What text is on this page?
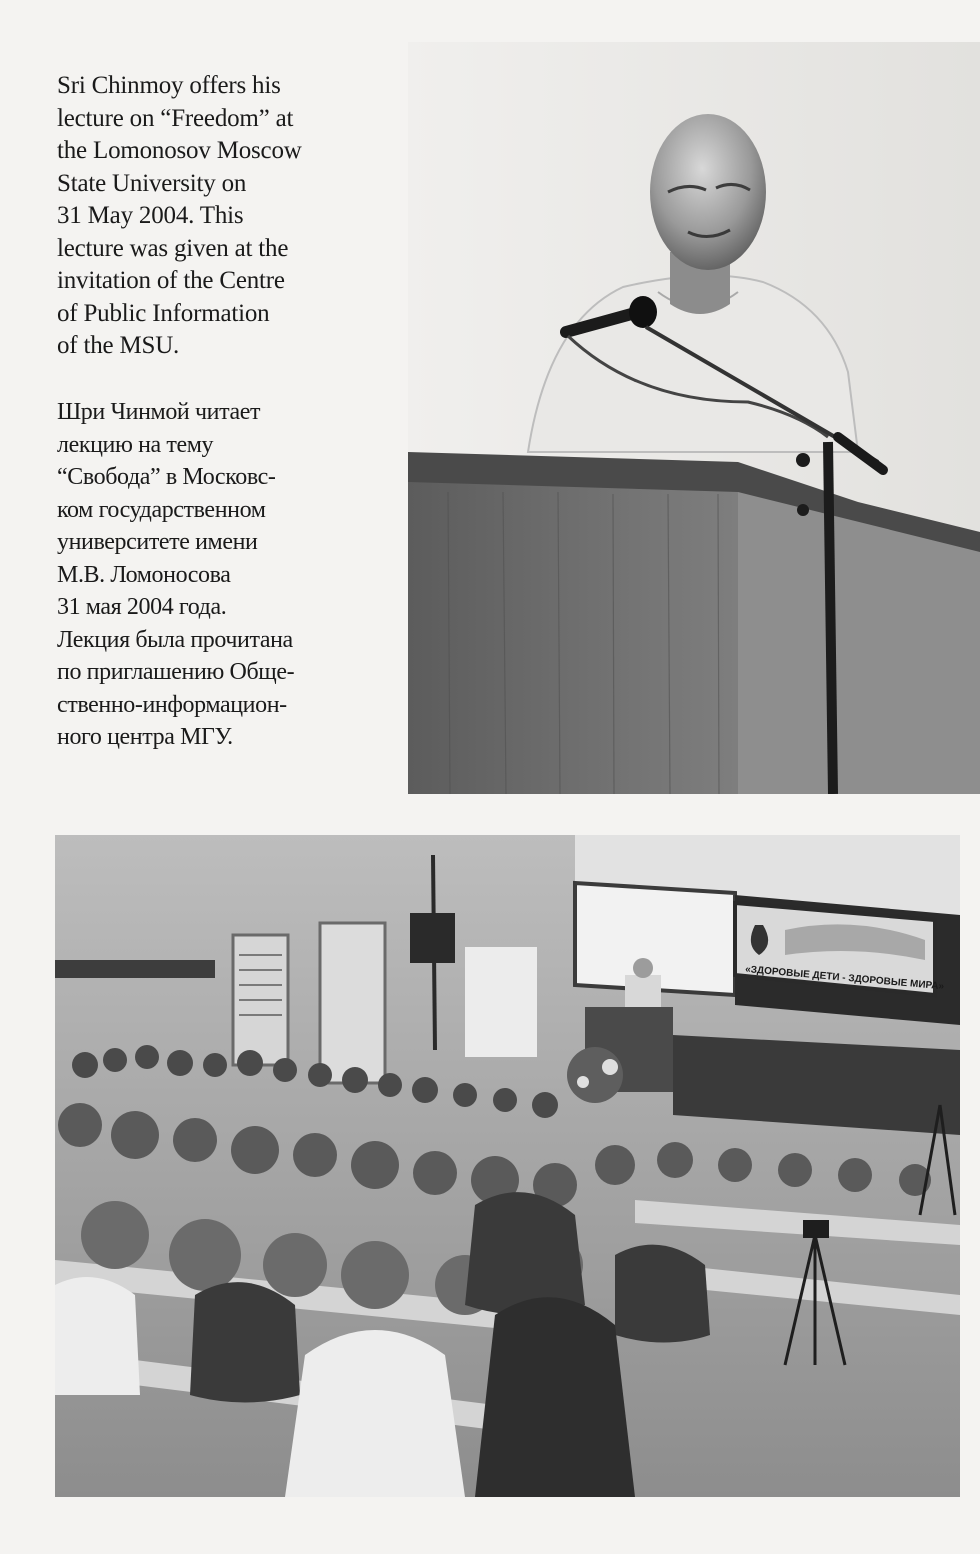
Sri Chinmoy offers his
lecture on “Freedom” at
the Lomonosov Moscow
State University on
31 May 2004. This
lecture was given at the
invitation of the Centre
of Public Information
of the MSU.
Шри Чинмой читает
лекцию на тему
“Свобода” в Московс-
ком государственном
университете имени
М.В. Ломоносова
31 мая 2004 года.
Лекция была прочитана
по приглашению Обще-
ственно-информацион-
ного центра МГУ.
«ЗДОРОВЫЕ ДЕТИ - ЗДОРОВЫЕ МИРА»
